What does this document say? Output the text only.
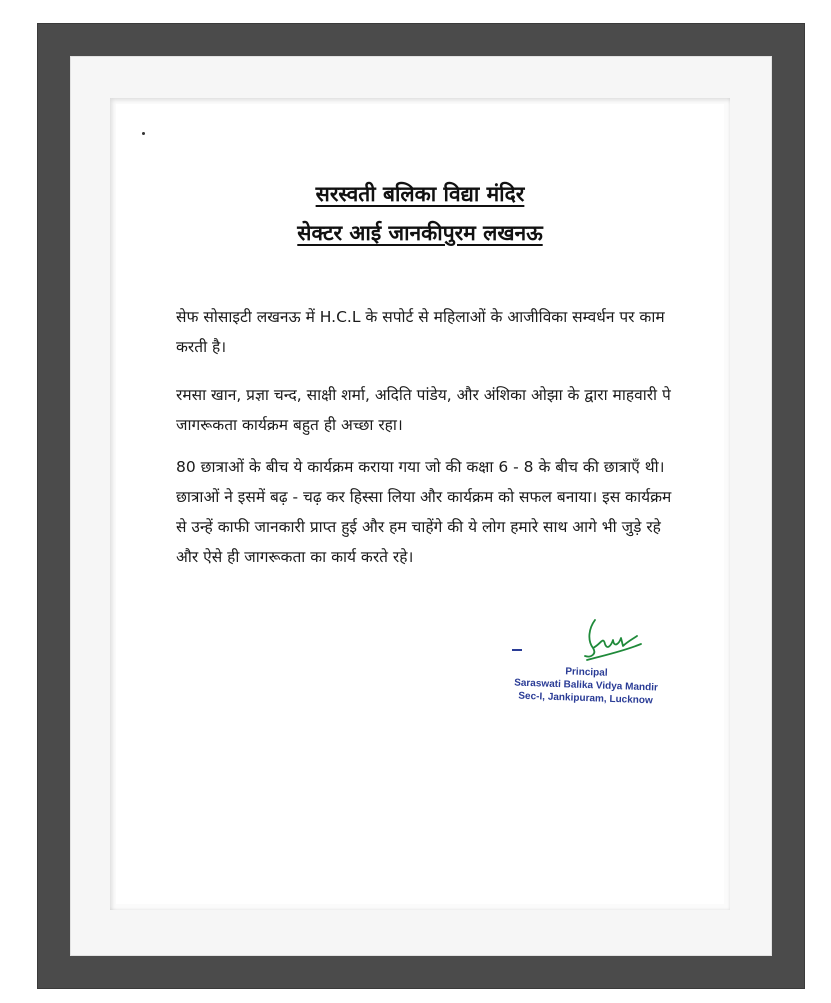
सरस्वती बलिका विद्या मंदिर
सेक्टर आई जानकीपुरम लखनऊ
सेफ सोसाइटी लखनऊ में H.C.L के सपोर्ट से महिलाओं के आजीविका सम्वर्धन पर काम करती है।
रमसा खान, प्रज्ञा चन्द, साक्षी शर्मा, अदिति पांडेय, और अंशिका ओझा के द्वारा माहवारी पे जागरूकता कार्यक्रम बहुत ही अच्छा रहा।
80 छात्राओं के बीच ये कार्यक्रम कराया गया जो की कक्षा 6 - 8 के बीच की छात्राएँ थी। छात्राओं ने इसमें बढ़ - चढ़ कर हिस्सा लिया और कार्यक्रम को सफल बनाया। इस कार्यक्रम से उन्हें काफी जानकारी प्राप्त हुई और हम चाहेंगे की ये लोग हमारे साथ आगे भी जुड़े रहे और ऐसे ही जागरूकता का कार्य करते रहे।
Principal
Saraswati Balika Vidya Mandir
Sec-I, Jankipuram, Lucknow
